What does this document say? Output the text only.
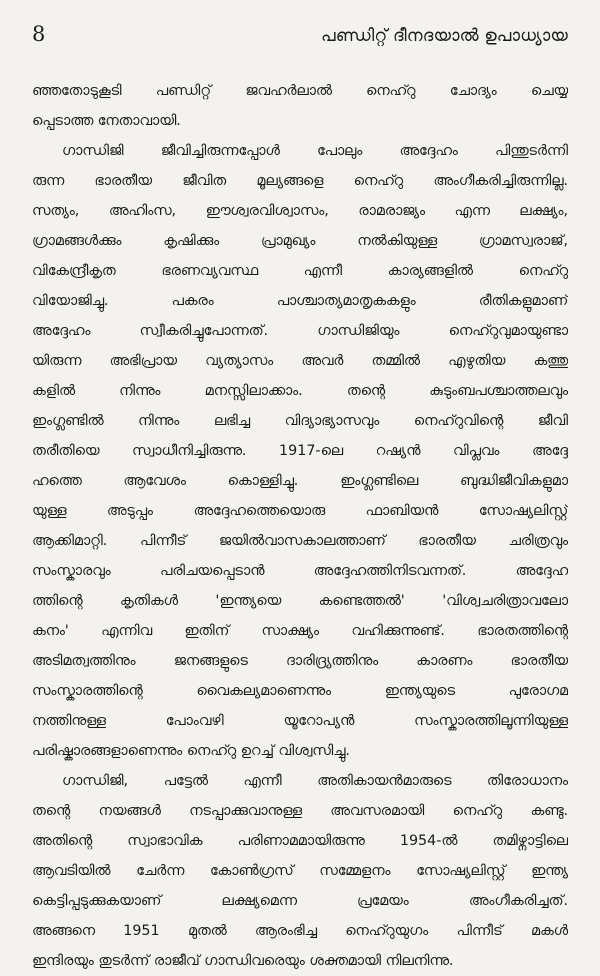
8	പണ്ഡിറ്റ് ദീനദയാൽ ഉപാധ്യായ
ഞ്ഞതോടുകൂടി പണ്ഡിറ്റ് ജവഹർലാൽ നെഹ്റു ചോദ്യം ചെയ്യ
പ്പെടാത്ത നേതാവായി.
ഗാന്ധിജി ജീവിച്ചിരുന്നപ്പോൾ പോലും അദ്ദേഹം പിന്തുടർന്നി
രുന്ന ഭാരതീയ ജീവിത മൂല്യങ്ങളെ നെഹ്റു അംഗീകരിച്ചിരുന്നില്ല.
സത്യം, അഹിംസ, ഈശ്വരവിശ്വാസം, രാമരാജ്യം എന്ന ലക്ഷ്യം,
ഗ്രാമങ്ങൾക്കും കൃഷിക്കും പ്രാമുഖ്യം നൽകിയുള്ള ഗ്രാമസ്വരാജ്,
വികേന്ദ്രീകൃത ഭരണവ്യവസ്ഥ എന്നീ കാര്യങ്ങളിൽ നെഹ്റു
വിയോജിച്ചു. പകരം പാശ്ചാത്യമാതൃകകളും രീതികളുമാണ്
അദ്ദേഹം സ്വീകരിച്ചുപോന്നത്. ഗാന്ധിജിയും നെഹ്റുവുമായുണ്ടാ
യിരുന്ന അഭിപ്രായ വ്യത്യാസം അവർ തമ്മിൽ എഴുതിയ കത്തു
കളിൽ നിന്നും മനസ്സിലാക്കാം. തന്റെ കുടുംബപശ്ചാത്തലവും
ഇംഗ്ലണ്ടിൽ നിന്നും ലഭിച്ച വിദ്യാഭ്യാസവും നെഹ്റുവിന്റെ ജീവി
തരീതിയെ സ്വാധീനിച്ചിരുന്നു. 1917-ലെ റഷ്യൻ വിപ്ലവം അദ്ദേ
ഹത്തെ ആവേശം കൊള്ളിച്ചു. ഇംഗ്ലണ്ടിലെ ബുദ്ധിജീവികളുമാ
യുള്ള അടുപ്പം അദ്ദേഹത്തെയൊരു ഫാബിയൻ സോഷ്യലിസ്റ്റ്
ആക്കിമാറ്റി. പിന്നീട് ജയിൽവാസകാലത്താണ് ഭാരതീയ ചരിത്രവും
സംസ്കാരവും പരിചയപ്പെടാൻ അദ്ദേഹത്തിനിടവന്നത്. അദ്ദേഹ
ത്തിന്റെ കൃതികൾ 'ഇന്ത്യയെ കണ്ടെത്തൽ' 'വിശ്വചരിത്രാവലോ
കനം' എന്നിവ ഇതിന് സാക്ഷ്യം വഹിക്കുന്നുണ്ട്. ഭാരതത്തിന്റെ
അടിമത്വത്തിനും ജനങ്ങളുടെ ദാരിദ്ര്യത്തിനും കാരണം ഭാരതീയ
സംസ്കാരത്തിന്റെ വൈകല്യമാണെന്നും ഇന്ത്യയുടെ പുരോഗമ
നത്തിനുള്ള പോംവഴി യൂറോപ്യൻ സംസ്കാരത്തിലൂന്നിയുള്ള
പരിഷ്കാരങ്ങളാണെന്നും നെഹ്റു ഉറച്ച് വിശ്വസിച്ചു.
ഗാന്ധിജി, പട്ടേൽ എന്നീ അതികായൻമാരുടെ തിരോധാനം
തന്റെ നയങ്ങൾ നടപ്പാക്കുവാനുള്ള അവസരമായി നെഹ്റു കണ്ടു.
അതിന്റെ സ്വാഭാവിക പരിണാമമായിരുന്നു 1954-ൽ തമിഴ്നാട്ടിലെ
ആവടിയിൽ ചേർന്ന കോൺഗ്രസ് സമ്മേളനം സോഷ്യലിസ്റ്റ് ഇന്ത്യ
കെട്ടിപ്പടുക്കുകയാണ് ലക്ഷ്യമെന്ന പ്രമേയം അംഗീകരിച്ചത്.
അങ്ങനെ 1951 മുതൽ ആരംഭിച്ച നെഹ്റുയുഗം പിന്നീട് മകൾ
ഇന്ദിരയും തുടർന്ന് രാജീവ് ഗാന്ധിവരെയും ശക്തമായി നിലനിന്നു.
